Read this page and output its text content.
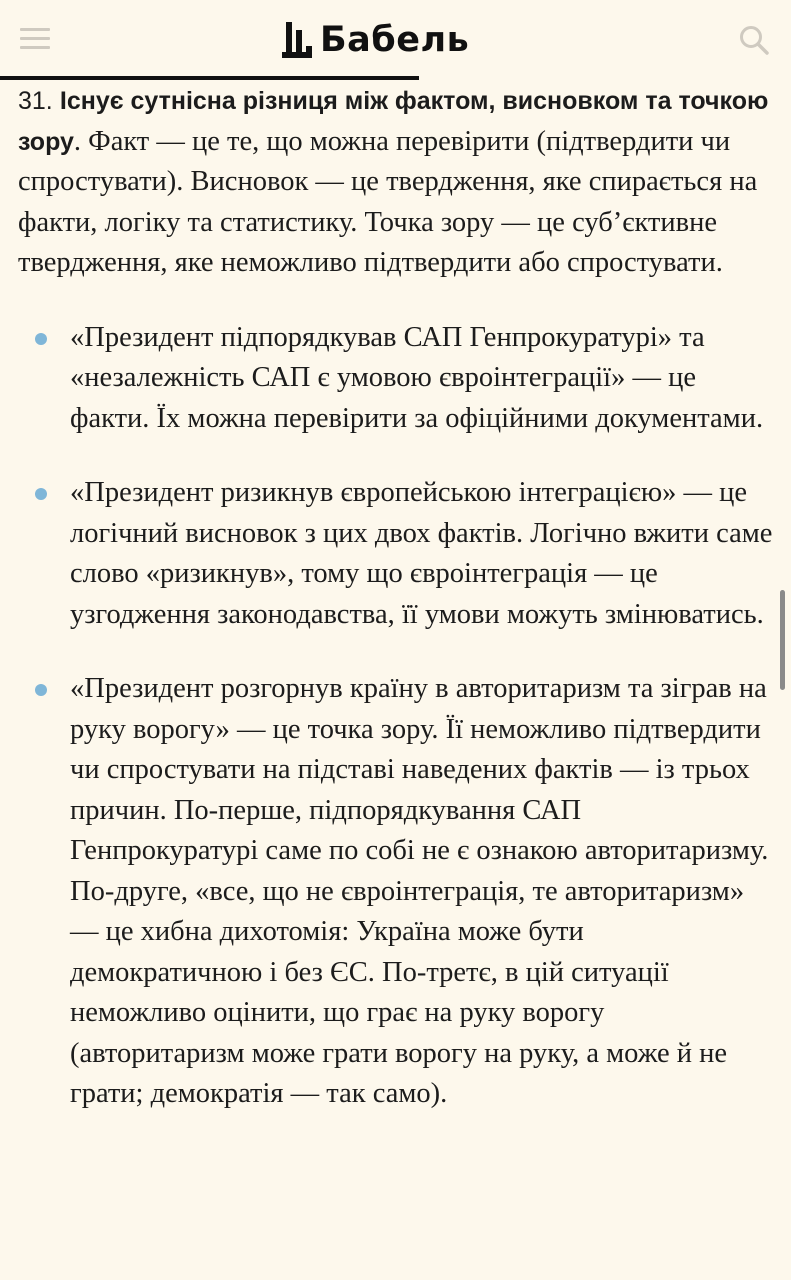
Бабель

31. Існує сутнісна різниця між фактом, висновком та точкою зору. Факт — це те, що можна перевірити (підтвердити чи спростувати). Висновок — це твердження, яке спирається на факти, логіку та статистику. Точка зору — це суб’єктивне твердження, яке неможливо підтвердити або спростувати.

«Президент підпорядкував САП Генпрокуратурі» та «незалежність САП є умовою євроінтеграції» — це факти. Їх можна перевірити за офіційними документами.
«Президент ризикнув європейською інтеграцією» — це логічний висновок з цих двох фактів. Логічно вжити саме слово «ризикнув», тому що євроінтеграція — це узгодження законодавства, її умови можуть змінюватись.
«Президент розгорнув країну в авторитаризм та зіграв на руку ворогу» — це точка зору. Її неможливо підтвердити чи спростувати на підставі наведених фактів — із трьох причин. По-перше, підпорядкування САП Генпрокуратурі саме по собі не є ознакою авторитаризму. По-друге, «все, що не євроінтеграція, те авторитаризм» — це хибна дихотомія: Україна може бути демократичною і без ЄС. По-третє, в цій ситуації неможливо оцінити, що грає на руку ворогу (авторитаризм може грати ворогу на руку, а може й не грати; демократія — так само).
